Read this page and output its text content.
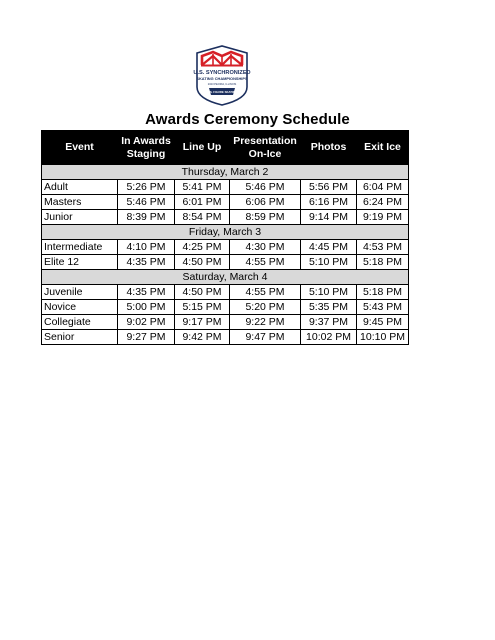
U.S. SYNCHRONIZED
SKATING CHAMPIONSHIPS
2023 PEORIA, ILLINOIS
U.S. FIGURE SKATING
Awards Ceremony Schedule
Event	In Awards Staging	Line Up	Presentation On-Ice	Photos	Exit Ice
Thursday, March 2					
Adult	5:26 PM	5:41 PM	5:46 PM	5:56 PM	6:04 PM
Masters	5:46 PM	6:01 PM	6:06 PM	6:16 PM	6:24 PM
Junior	8:39 PM	8:54 PM	8:59 PM	9:14 PM	9:19 PM
Friday, March 3					
Intermediate	4:10 PM	4:25 PM	4:30 PM	4:45 PM	4:53 PM
Elite 12	4:35 PM	4:50 PM	4:55 PM	5:10 PM	5:18 PM
Saturday, March 4					
Juvenile	4:35 PM	4:50 PM	4:55 PM	5:10 PM	5:18 PM
Novice	5:00 PM	5:15 PM	5:20 PM	5:35 PM	5:43 PM
Collegiate	9:02 PM	9:17 PM	9:22 PM	9:37 PM	9:45 PM
Senior	9:27 PM	9:42 PM	9:47 PM	10:02 PM	10:10 PM
